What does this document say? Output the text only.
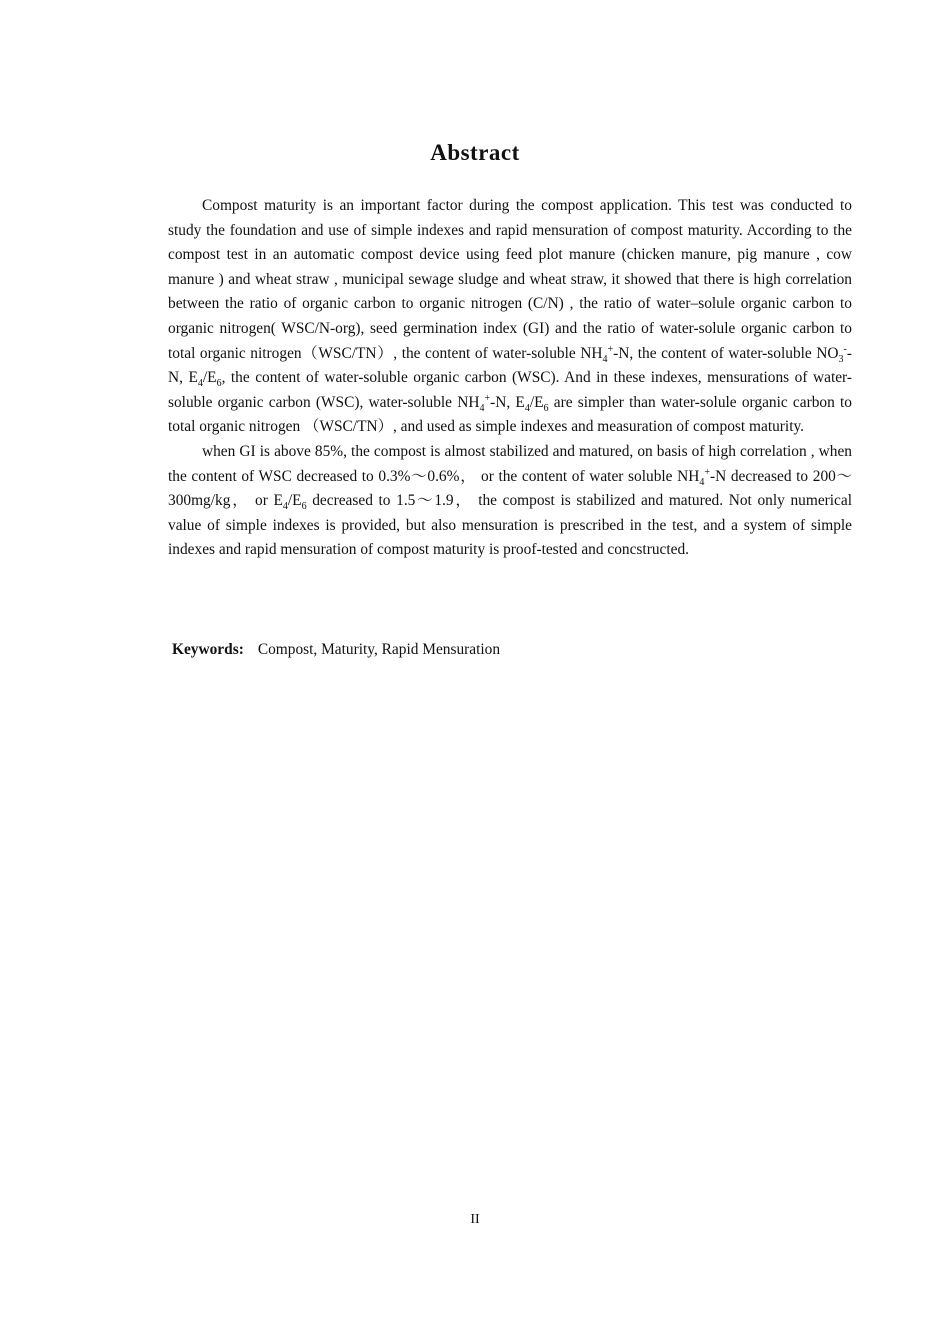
Abstract

Compost maturity is an important factor during the compost application. This test was conducted to study the foundation and use of simple indexes and rapid mensuration of compost maturity. According to the compost test in an automatic compost device using feed plot manure (chicken manure, pig manure , cow manure ) and wheat straw , municipal sewage sludge and wheat straw, it showed that there is high correlation between the ratio of organic carbon to organic nitrogen (C/N) , the ratio of water–solule organic carbon to organic nitrogen( WSC/N-org), seed germination index (GI) and the ratio of water-solule organic carbon to total organic nitrogen（WSC/TN）, the content of water-soluble $NH_4^+-N$, the content of water-soluble $NO_3^--N$, $E_4/E_6$, the content of water-soluble organic carbon (WSC). And in these indexes, mensurations of water-soluble organic carbon (WSC), water-soluble $NH_4^+-N$, $E_4/E_6$ are simpler than water-solule organic carbon to total organic nitrogen （WSC/TN）, and used as simple indexes and measuration of compost maturity.

when GI is above 85%, the compost is almost stabilized and matured, on basis of high correlation , when the content of WSC decreased to 0.3%～0.6%， or the content of water soluble $NH_4^+-N$ decreased to 200～300mg/kg， or $E_4/E_6$ decreased to 1.5～1.9， the compost is stabilized and matured. Not only numerical value of simple indexes is provided, but also mensuration is prescribed in the test, and a system of simple indexes and rapid mensuration of compost maturity is proof-tested and concstructed.

Keywords: Compost, Maturity, Rapid Mensuration
II
